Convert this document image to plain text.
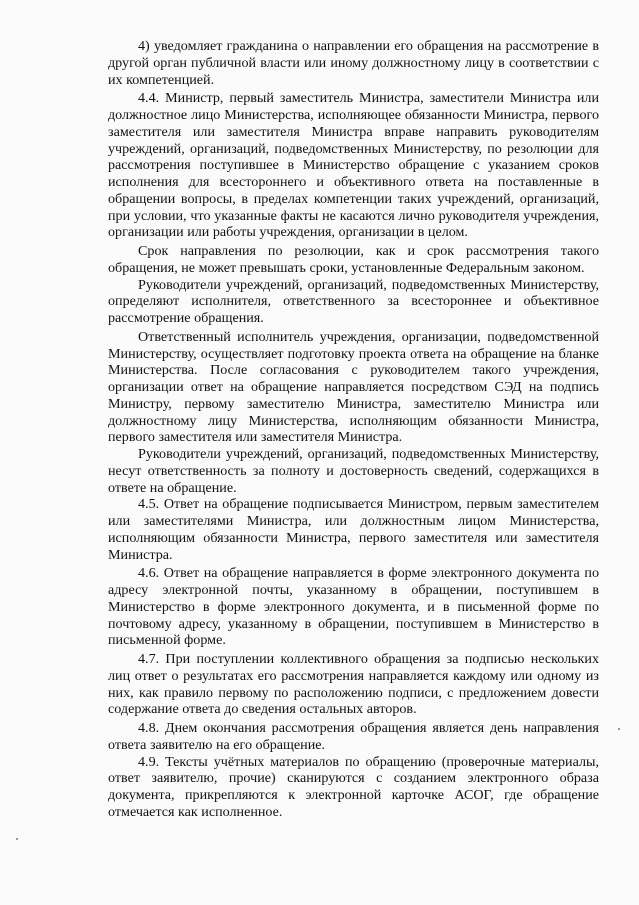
4) уведомляет гражданина о направлении его обращения на рассмотрение в другой орган публичной власти или иному должностному лицу в соответствии с их компетенцией.

4.4. Министр, первый заместитель Министра, заместители Министра или должностное лицо Министерства, исполняющее обязанности Министра, первого заместителя или заместителя Министра вправе направить руководителям учреждений, организаций, подведомственных Министерству, по резолюции для рассмотрения поступившее в Министерство обращение с указанием сроков исполнения для всестороннего и объективного ответа на поставленные в обращении вопросы, в пределах компетенции таких учреждений, организаций, при условии, что указанные факты не касаются лично руководителя учреждения, организации или работы учреждения, организации в целом.

Срок направления по резолюции, как и срок рассмотрения такого обращения, не может превышать сроки, установленные Федеральным законом.

Руководители учреждений, организаций, подведомственных Министерству, определяют исполнителя, ответственного за всестороннее и объективное рассмотрение обращения.

Ответственный исполнитель учреждения, организации, подведомственной Министерству, осуществляет подготовку проекта ответа на обращение на бланке Министерства. После согласования с руководителем такого учреждения, организации ответ на обращение направляется посредством СЭД на подпись Министру, первому заместителю Министра, заместителю Министра или должностному лицу Министерства, исполняющим обязанности Министра, первого заместителя или заместителя Министра.

Руководители учреждений, организаций, подведомственных Министерству, несут ответственность за полноту и достоверность сведений, содержащихся в ответе на обращение.

4.5. Ответ на обращение подписывается Министром, первым заместителем или заместителями Министра, или должностным лицом Министерства, исполняющим обязанности Министра, первого заместителя или заместителя Министра.

4.6. Ответ на обращение направляется в форме электронного документа по адресу электронной почты, указанному в обращении, поступившем в Министерство в форме электронного документа, и в письменной форме по почтовому адресу, указанному в обращении, поступившем в Министерство в письменной форме.

4.7. При поступлении коллективного обращения за подписью нескольких лиц ответ о результатах его рассмотрения направляется каждому или одному из них, как правило первому по расположению подписи, с предложением довести содержание ответа до сведения остальных авторов.

4.8. Днем окончания рассмотрения обращения является день направления ответа заявителю на его обращение.

4.9. Тексты учётных материалов по обращению (проверочные материалы, ответ заявителю, прочие) сканируются с созданием электронного образа документа, прикрепляются к электронной карточке АСОГ, где обращение отмечается как исполненное.
